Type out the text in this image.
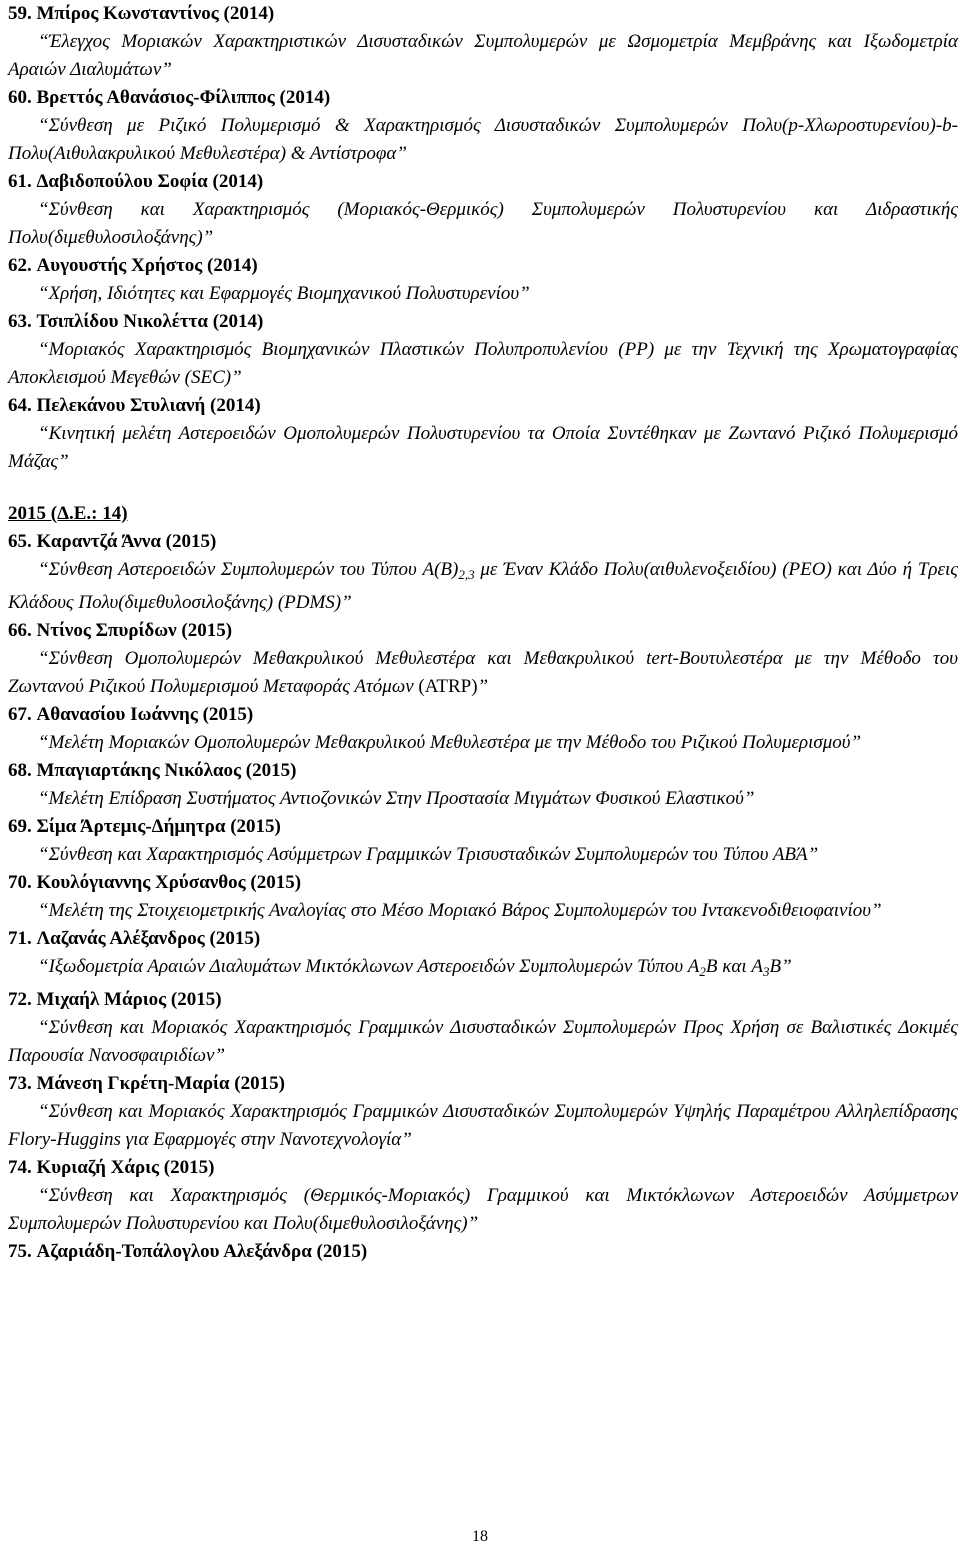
59. Μπίρος Κωνσταντίνος (2014)
“Έλεγχος Μοριακών Χαρακτηριστικών Δισυσταδικών Συμπολυμερών με Ωσμομετρία Μεμβράνης και Ιξωδομετρία Αραιών Διαλυμάτων”
60. Βρεττός Αθανάσιος-Φίλιππος (2014)
“Σύνθεση με Ριζικό Πολυμερισμό & Χαρακτηρισμός Δισυσταδικών Συμπολυμερών Πολυ(p-Χλωροστυρενίου)-b-Πολυ(Αιθυλακρυλικού Μεθυλεστέρα) & Αντίστροφα”
61. Δαβιδοπούλου Σοφία (2014)
“Σύνθεση και Χαρακτηρισμός (Μοριακός-Θερμικός) Συμπολυμερών Πολυστυρενίου και Διδραστικής Πολυ(διμεθυλοσιλοξάνης)”
62. Αυγουστής Χρήστος (2014)
“Χρήση, Ιδιότητες και Εφαρμογές Βιομηχανικού Πολυστυρενίου”
63. Τσιπλίδου Νικολέττα (2014)
“Μοριακός Χαρακτηρισμός Βιομηχανικών Πλαστικών Πολυπροπυλενίου (PP) με την Τεχνική της Χρωματογραφίας Αποκλεισμού Μεγεθών (SEC)”
64. Πελεκάνου Στυλιανή (2014)
“Κινητική μελέτη Αστεροειδών Ομοπολυμερών Πολυστυρενίου τα Οποία Συντέθηκαν με Ζωντανό Ριζικό Πολυμερισμό Μάζας”
2015 (Δ.Ε.: 14)
65. Καραντζά Άννα (2015)
“Σύνθεση Αστεροειδών Συμπολυμερών του Τύπου $A(B)_{2,3}$ με Έναν Κλάδο Πολυ(αιθυλενοξειδίου) (PEO) και Δύο ή Τρεις Κλάδους Πολυ(διμεθυλοσιλοξάνης) (PDMS)”
66. Ντίνος Σπυρίδων (2015)
“Σύνθεση Ομοπολυμερών Μεθακρυλικού Μεθυλεστέρα και Μεθακρυλικού tert-Βουτυλεστέρα με την Μέθοδο του Ζωντανού Ριζικού Πολυμερισμού Μεταφοράς Ατόμων (ATRP)”
67. Αθανασίου Ιωάννης (2015)
“Μελέτη Μοριακών Ομοπολυμερών Μεθακρυλικού Μεθυλεστέρα με την Μέθοδο του Ριζικού Πολυμερισμού”
68. Μπαγιαρτάκης Νικόλαος (2015)
“Μελέτη Επίδραση Συστήματος Αντιοζονικών Στην Προστασία Μιγμάτων Φυσικού Ελαστικού”
69. Σίμα Άρτεμις-Δήμητρα (2015)
“Σύνθεση και Χαρακτηρισμός Ασύμμετρων Γραμμικών Τρισυσταδικών Συμπολυμερών του Τύπου ΑΒΆ”
70. Κουλόγιαννης Χρύσανθος (2015)
“Μελέτη της Στοιχειομετρικής Αναλογίας στο Μέσο Μοριακό Βάρος Συμπολυμερών του Ιντακενοδιθειοφαινίου”
71. Λαζανάς Αλέξανδρος (2015)
“Ιξωδομετρία Αραιών Διαλυμάτων Μικτόκλωνων Αστεροειδών Συμπολυμερών Τύπου $A_2B$ και $A_3B$”
72. Μιχαήλ Μάριος (2015)
“Σύνθεση και Μοριακός Χαρακτηρισμός Γραμμικών Δισυσταδικών Συμπολυμερών Προς Χρήση σε Βαλιστικές Δοκιμές Παρουσία Νανοσφαιριδίων”
73. Μάνεση Γκρέτη-Μαρία (2015)
“Σύνθεση και Μοριακός Χαρακτηρισμός Γραμμικών Δισυσταδικών Συμπολυμερών Υψηλής Παραμέτρου Αλληλεπίδρασης Flory-Huggins για Εφαρμογές στην Νανοτεχνολογία”
74. Κυριαζή Χάρις (2015)
“Σύνθεση και Χαρακτηρισμός (Θερμικός-Μοριακός) Γραμμικού και Μικτόκλωνων Αστεροειδών Ασύμμετρων Συμπολυμερών Πολυστυρενίου και Πολυ(διμεθυλοσιλοξάνης)”
75. Αζαριάδη-Τοπάλογλου Αλεξάνδρα (2015)
18
